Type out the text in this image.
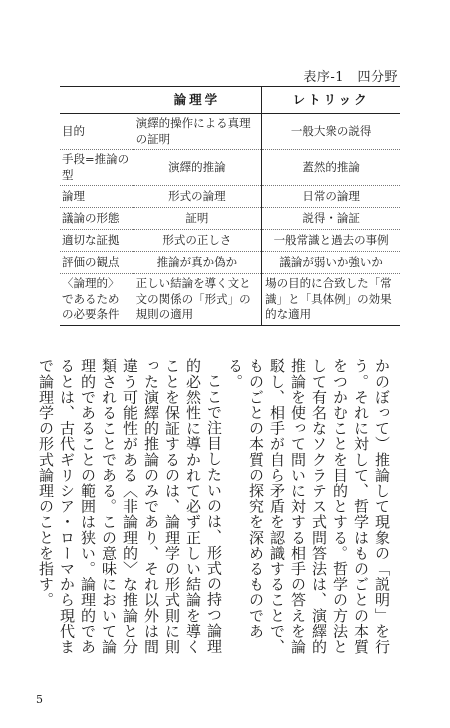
表序-1　四分野
	論理学	レトリック
目的	演繹的操作による真理の証明	一般大衆の説得
手段=推論の型	演繹的推論	蓋然的推論
論理	形式の論理	日常の論理
議論の形態	証明	説得・論証
適切な証拠	形式の正しさ	一般常識と過去の事例
評価の観点	推論が真か偽か	議論が弱いか強いか
〈論理的〉であるための必要条件	正しい結論を導く文と文の関係の「形式」の規則の適用	場の目的に合致した「常識」と「具体例」の効果的な適用

かのぼって）推論して現象の「説明」を行う。それに対して、哲学はものごとの本質をつかむことを目的とする。哲学の方法として有名なソクラテス式問答法は、演繹的推論を使って問いに対する相手の答えを論駁し、相手が自ら矛盾を認識することで、ものごとの本質の探究を深めるものである。

ここで注目したいのは、形式の持つ論理的必然性に導かれて必ず正しい結論を導くことを保証するのは、論理学の形式則に則った演繹的推論のみであり、それ以外は間違う可能性がある〈非論理的〉な推論と分類されることである。この意味において論理的であることの範囲は狭い。論理的であるとは、古代ギリシア・ローマから現代まで論理学の形式論理のことを指す。

5
